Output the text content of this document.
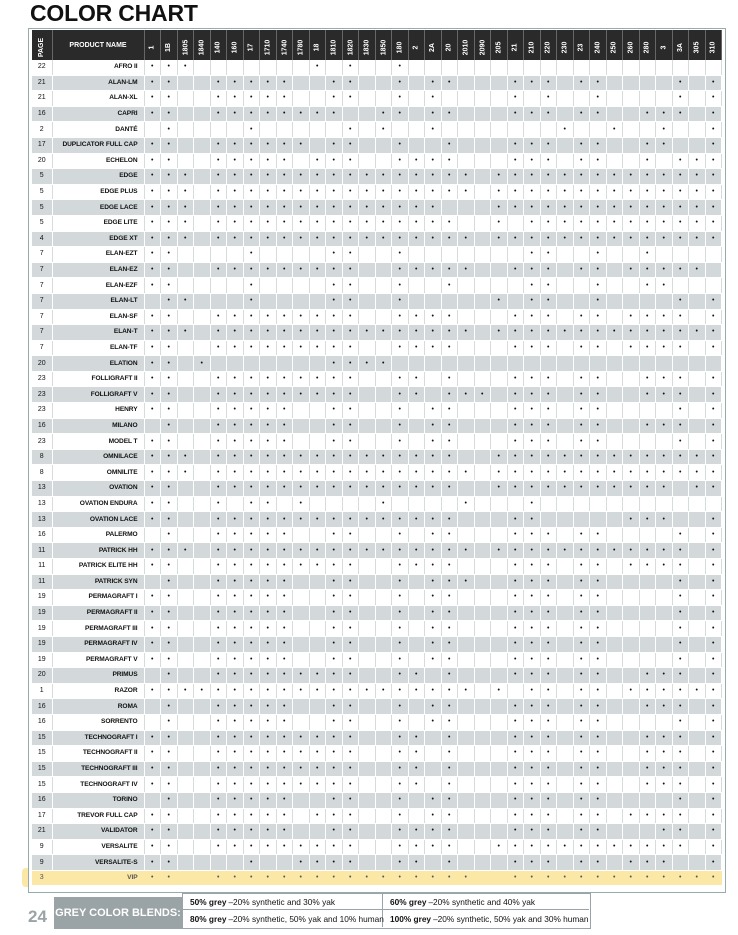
COLOR CHART
PAGE	PRODUCT NAME	1	1B	1805	1840	140	160	17	1710	1740	1780	18	1810	1820	1830	1850	180	2	2A	20	2010	2090	205	21	210	220	230	23	240	250	260	280	3	3A	305	310
22	AFRO II	•	•	•								•		•			•																			
21	ALAN-LM	•	•			•	•	•	•	•			•	•			•		•	•				•	•	•		•	•					•		•
21	ALAN-XL	•	•			•	•	•	•	•			•	•			•		•					•		•			•					•		•
16	CAPRI	•	•			•	•	•	•	•	•	•	•			•	•		•	•				•	•	•		•	•			•	•	•		•
2	DANTÉ		•					•						•		•			•								•			•			•			•
17	DUPLICATOR FULL CAP	•	•			•	•	•	•	•	•		•	•			•			•				•	•	•		•	•			•	•			•
20	ECHELON	•	•			•	•	•	•	•		•	•	•			•	•	•	•				•	•	•		•	•			•		•	•	•
5	EDGE	•	•	•		•	•	•	•	•	•	•	•	•	•	•	•	•	•	•	•		•	•	•	•	•	•	•	•	•	•	•	•	•	•
5	EDGE PLUS	•	•	•		•	•	•	•	•	•	•	•	•	•	•	•	•	•	•	•		•	•	•	•	•	•	•	•	•	•	•	•	•	•
5	EDGE LACE	•	•	•		•	•	•	•	•	•	•	•	•	•	•	•	•	•				•	•	•	•	•	•	•	•	•	•	•	•	•	•
5	EDGE LITE	•	•	•		•	•	•	•	•	•	•	•	•	•	•	•	•	•	•			•		•	•	•	•	•	•	•	•	•	•	•	•
4	EDGE XT	•	•	•		•	•	•	•	•	•	•	•	•	•	•	•	•	•	•	•		•	•	•	•	•	•	•	•	•	•	•	•	•	•
7	ELAN-EZT	•	•					•					•	•			•								•	•			•			•				
7	ELAN-EZ	•	•			•	•	•	•	•	•	•	•	•			•	•	•	•	•			•	•	•		•	•		•	•	•	•	•	
7	ELAN-EZF	•	•					•					•	•			•			•					•	•			•			•	•			
7	ELAN-LT		•	•				•					•	•			•						•		•	•			•					•		•
7	ELAN-SF	•	•			•	•	•	•	•	•	•	•	•			•	•	•	•				•	•	•		•	•		•	•	•	•		•
7	ELAN-T	•	•	•		•	•	•	•	•	•	•	•	•	•	•	•	•	•	•	•		•	•	•	•	•	•	•	•	•	•	•	•	•	•
7	ELAN-TF	•	•			•	•	•	•	•	•	•	•	•			•	•	•	•				•	•	•		•	•		•	•	•	•		•
20	ELATION	•	•		•								•	•	•	•																				
23	FOLLIGRAFT II	•	•			•	•	•	•	•	•	•	•	•			•	•		•				•	•	•		•	•			•	•	•		•
23	FOLLIGRAFT V	•	•			•	•	•	•	•	•	•	•	•			•	•		•	•	•		•	•	•		•	•			•	•	•		•
23	HENRY	•	•			•	•	•	•	•			•	•			•		•	•				•	•	•		•	•					•		•
16	MILANO		•			•	•	•	•	•			•	•			•		•	•				•	•	•		•	•			•	•	•		•
23	MODEL T	•	•			•	•	•	•	•			•	•			•		•	•				•	•	•		•	•					•		•
8	OMNILACE	•	•	•		•	•	•	•	•	•	•	•	•	•	•	•	•	•	•			•	•	•	•	•	•	•	•	•	•	•	•	•	•
8	OMNILITE	•	•	•		•	•	•	•	•	•	•	•	•	•	•	•	•	•	•	•		•	•	•	•	•	•	•	•	•	•	•	•	•	•
13	OVATION	•	•			•	•	•	•	•	•	•	•	•	•	•	•	•	•	•			•	•	•	•	•	•	•	•	•	•	•		•	•
13	OVATION ENDURA	•	•			•		•	•		•					•					•				•											
13	OVATION LACE	•	•			•	•	•	•	•	•	•	•	•	•	•	•	•	•	•				•	•						•	•	•			•
16	PALERMO		•			•	•	•	•	•			•	•			•		•	•				•	•	•		•	•					•		•
11	PATRICK HH	•	•	•		•	•	•	•	•	•	•	•	•	•	•	•	•	•	•	•		•	•	•	•	•	•	•	•	•	•	•	•		•
11	PATRICK ELITE HH	•	•			•	•	•	•	•	•	•	•	•			•	•	•	•				•	•	•		•	•		•	•	•	•		•
11	PATRICK SYN		•			•	•	•	•	•			•	•			•		•	•	•			•	•	•		•	•					•		•
19	PERMAGRAFT I	•	•			•	•	•	•	•			•	•			•		•	•				•	•	•		•	•					•		•
19	PERMAGRAFT II	•	•			•	•	•	•	•			•	•			•		•	•				•	•	•		•	•					•		•
19	PERMAGRAFT III	•	•			•	•	•	•	•			•	•			•		•	•				•	•	•		•	•					•		•
19	PERMAGRAFT IV	•	•			•	•	•	•	•			•	•			•		•	•				•	•	•		•	•					•		•
19	PERMAGRAFT V	•	•			•	•	•	•	•			•	•			•		•	•				•	•	•		•	•					•		•
20	PRIMUS		•			•	•	•	•	•	•	•	•	•			•	•		•				•	•	•		•	•			•	•	•		•
1	RAZOR	•	•	•	•	•	•	•	•	•	•	•	•	•	•	•	•	•	•	•	•		•		•	•		•	•		•	•	•	•	•	•
16	ROMA		•			•	•	•	•	•			•	•			•		•	•				•	•	•		•	•			•	•	•		•
16	SORRENTO		•			•	•	•	•	•			•	•			•		•	•				•	•	•		•	•					•		•
15	TECHNOGRAFT I	•	•			•	•	•	•	•	•	•	•	•			•	•		•				•	•	•		•	•			•	•	•		•
15	TECHNOGRAFT II	•	•			•	•	•	•	•	•	•	•	•			•	•		•				•	•	•		•	•			•	•	•		•
15	TECHNOGRAFT III	•	•			•	•	•	•	•	•	•	•	•			•	•		•				•	•	•		•	•			•	•	•		•
15	TECHNOGRAFT IV	•	•			•	•	•	•	•	•	•	•	•			•	•		•				•	•	•		•	•			•	•	•		•
16	TORINO		•			•	•	•	•	•			•	•			•		•	•				•	•	•		•	•					•		•
17	TREVOR FULL CAP	•	•			•	•	•	•	•		•	•	•			•		•	•				•	•	•		•	•		•	•	•	•		•
21	VALIDATOR	•	•			•	•	•	•	•			•	•			•	•	•	•				•	•	•		•	•				•	•		•
9	VERSALITE	•	•			•	•	•	•	•	•	•	•	•			•	•	•	•			•	•	•	•	•	•	•	•	•	•	•	•		•
9	VERSALITE-S	•	•					•			•	•	•	•			•	•		•				•	•	•		•	•		•	•	•			•
3	VIP	•	•			•	•	•	•	•	•	•	•	•	•	•	•	•	•	•	•			•	•	•	•	•	•	•	•	•	•	•	•	•
24 GREY COLOR BLENDS:
50% grey –20% synthetic and 30% yak	60% grey –20% synthetic and 40% yak
80% grey –20% synthetic, 50% yak and 10% human 100% grey –20% synthetic, 50% yak and 30% human
